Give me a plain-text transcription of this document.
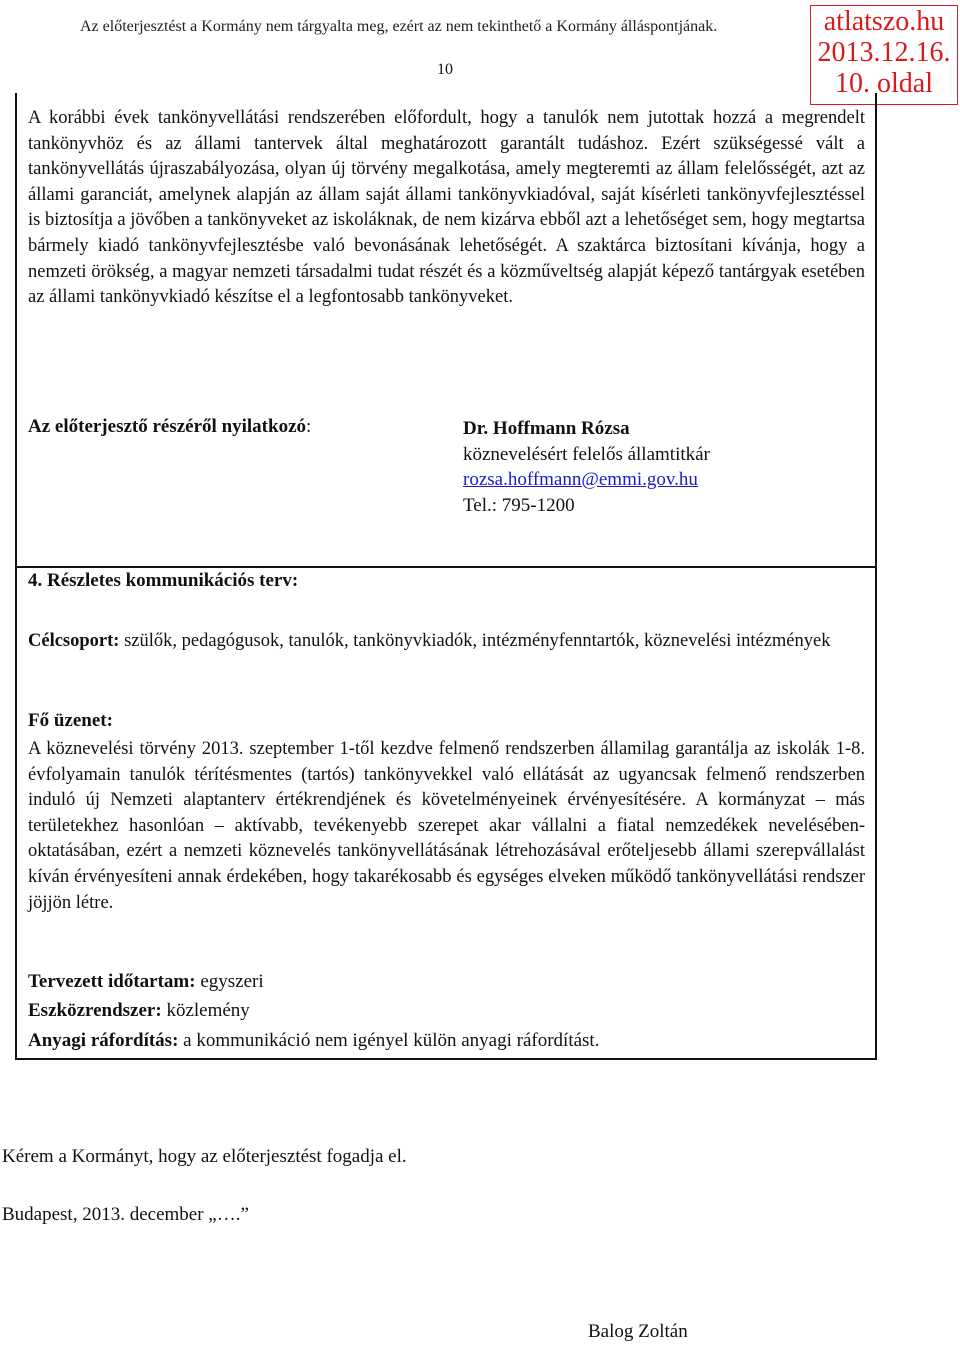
Az előterjesztést a Kormány nem tárgyalta meg, ezért az nem tekinthető a Kormány álláspontjának.
10
atlatszo.hu
2013.12.16.
10. oldal
A korábbi évek tankönyvellátási rendszerében előfordult, hogy a tanulók nem jutottak hozzá a megrendelt tankönyvhöz és az állami tantervek által meghatározott garantált tudáshoz. Ezért szükségessé vált a tankönyvellátás újraszabályozása, olyan új törvény megalkotása, amely megteremti az állam felelősségét, azt az állami garanciát, amelynek alapján az állam saját állami tankönyvkiadóval, saját kísérleti tankönyvfejlesztéssel is biztosítja a jövőben a tankönyveket az iskoláknak, de nem kizárva ebből azt a lehetőséget sem, hogy megtartsa bármely kiadó tankönyvfejlesztésbe való bevonásának lehetőségét. A szaktárca biztosítani kívánja, hogy a nemzeti örökség, a magyar nemzeti társadalmi tudat részét és a közműveltség alapját képező tantárgyak esetében az állami tankönyvkiadó készítse el a legfontosabb tankönyveket.
Az előterjesztő részéről nyilatkozó:	Dr. Hoffmann Rózsa
köznevelésért felelős államtitkár
rozsa.hoffmann@emmi.gov.hu
Tel.: 795-1200
4. Részletes kommunikációs terv:
Célcsoport: szülők, pedagógusok, tanulók, tankönyvkiadók, intézményfenntartók, köznevelési intézmények
Fő üzenet:
A köznevelési törvény 2013. szeptember 1-től kezdve felmenő rendszerben államilag garantálja az iskolák 1-8. évfolyamain tanulók térítésmentes (tartós) tankönyvekkel való ellátását az ugyancsak felmenő rendszerben induló új Nemzeti alaptanterv értékrendjének és követelményeinek érvényesítésére. A kormányzat – más területekhez hasonlóan – aktívabb, tevékenyebb szerepet akar vállalni a fiatal nemzedékek nevelésében-oktatásában, ezért a nemzeti köznevelés tankönyvellátásának létrehozásával erőteljesebb állami szerepvállalást kíván érvényesíteni annak érdekében, hogy takarékosabb és egységes elveken működő tankönyvellátási rendszer jöjjön létre.
Tervezett időtartam: egyszeri
Eszközrendszer: közlemény
Anyagi ráfordítás: a kommunikáció nem igényel külön anyagi ráfordítást.
Kérem a Kormányt, hogy az előterjesztést fogadja el.
Budapest, 2013. december „….”
Balog Zoltán
